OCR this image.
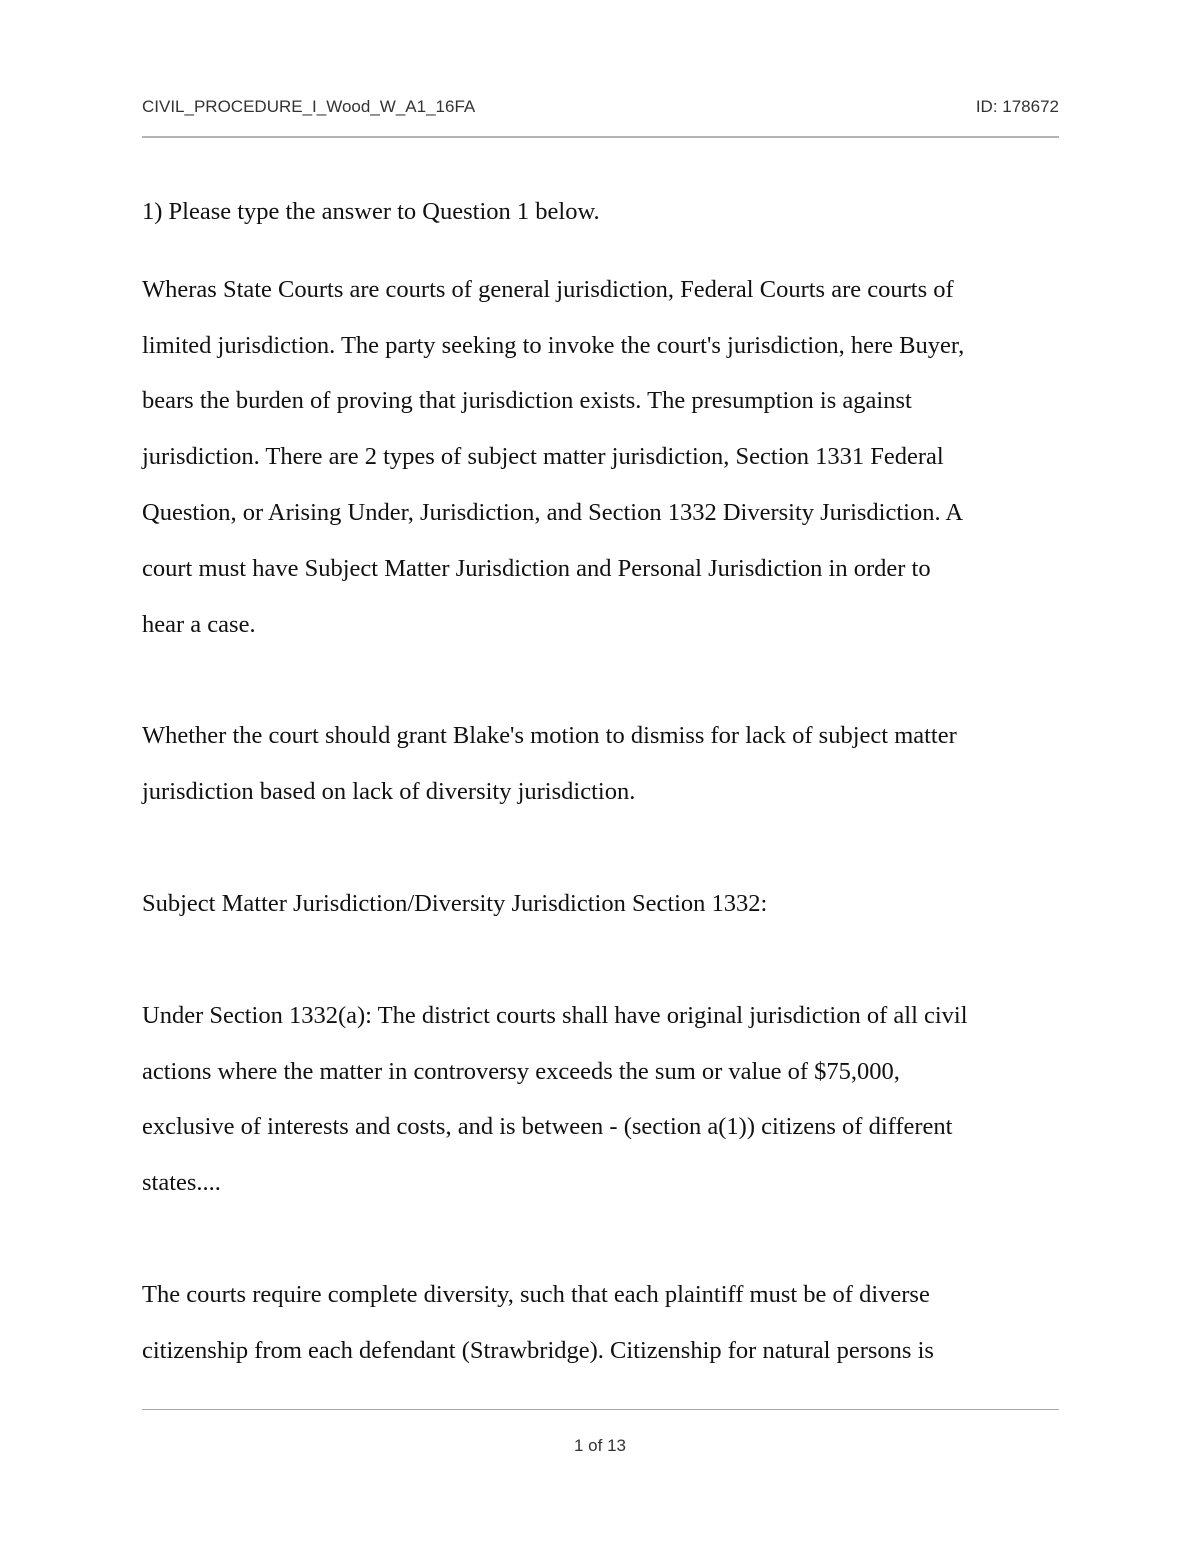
CIVIL_PROCEDURE_I_Wood_W_A1_16FA	ID: 178672
1) Please type the answer to Question 1 below.
Wheras State Courts are courts of general jurisdiction, Federal Courts are courts of
limited jurisdiction. The party seeking to invoke the court's jurisdiction, here Buyer,
bears the burden of proving that jurisdiction exists. The presumption is against
jurisdiction. There are 2 types of subject matter jurisdiction, Section 1331 Federal
Question, or Arising Under, Jurisdiction, and Section 1332 Diversity Jurisdiction. A
court must have Subject Matter Jurisdiction and Personal Jurisdiction in order to
hear a case.
Whether the court should grant Blake's motion to dismiss for lack of subject matter
jurisdiction based on lack of diversity jurisdiction.
Subject Matter Jurisdiction/Diversity Jurisdiction Section 1332:
Under Section 1332(a): The district courts shall have original jurisdiction of all civil
actions where the matter in controversy exceeds the sum or value of $75,000,
exclusive of interests and costs, and is between - (section a(1)) citizens of different
states....
The courts require complete diversity, such that each plaintiff must be of diverse
citizenship from each defendant (Strawbridge). Citizenship for natural persons is
1 of 13
